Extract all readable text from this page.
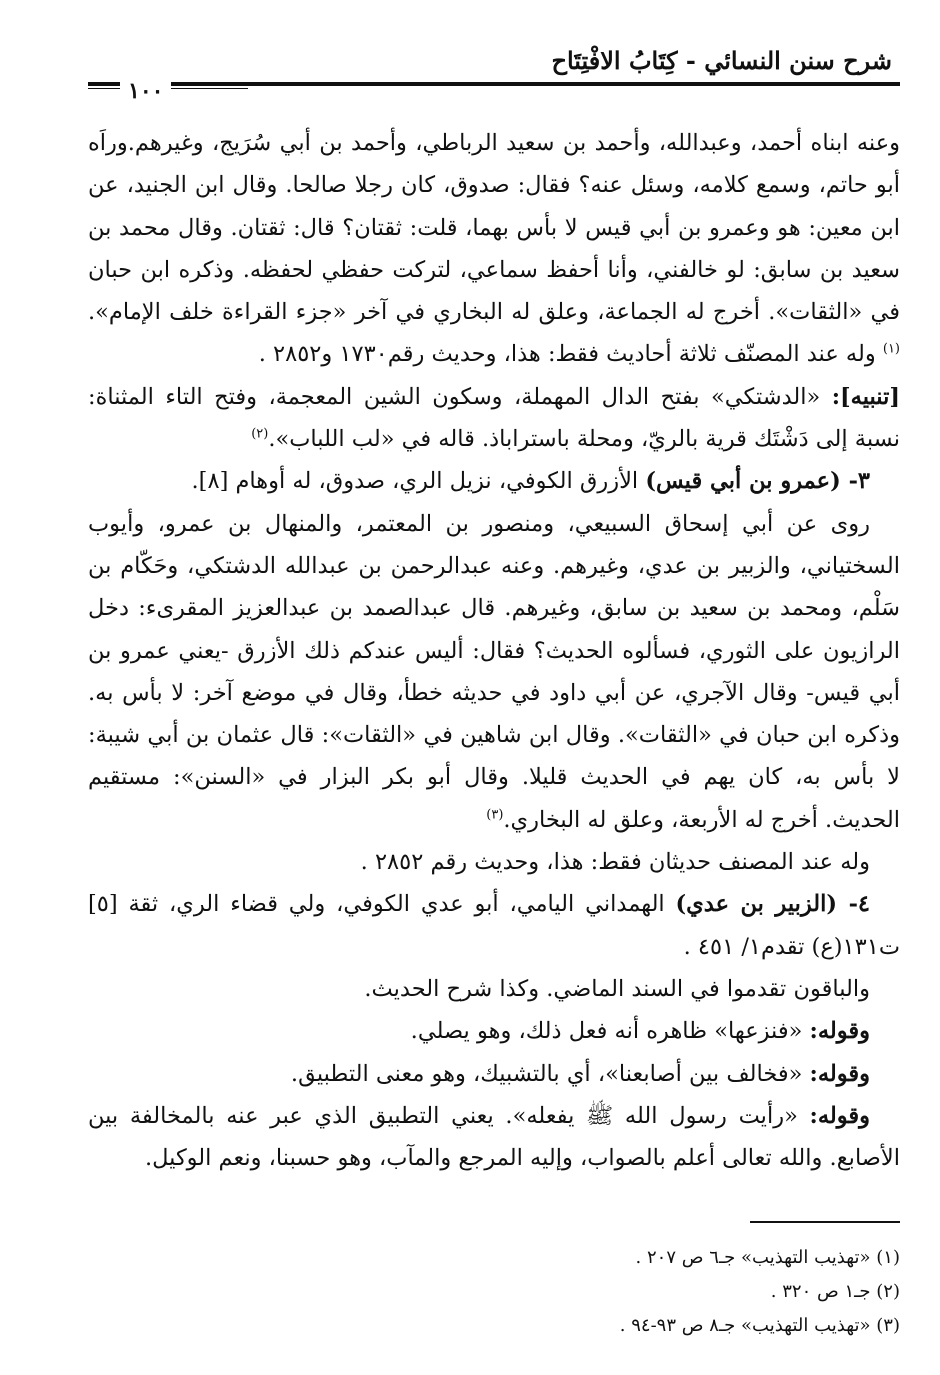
شرح سنن النسائي - كِتَابُ الافْتِتَاح
١٠٠

وعنه ابناه أحمد، وعبدالله، وأحمد بن سعيد الرباطي، وأحمد بن أبي سُرَيج، وغيرهم.وراَه أبو حاتم، وسمع كلامه، وسئل عنه؟ فقال: صدوق، كان رجلا صالحا. وقال ابن الجنيد، عن ابن معين: هو وعمرو بن أبي قيس لا بأس بهما، قلت: ثقتان؟ قال: ثقتان. وقال محمد بن سعيد بن سابق: لو خالفني، وأنا أحفظ سماعي، لتركت حفظي لحفظه. وذكره ابن حبان في «الثقات». أخرج له الجماعة، وعلق له البخاري في آخر «جزء القراءة خلف الإمام».$^{(١)}$ وله عند المصنّف ثلاثة أحاديث فقط: هذا، وحديث رقم١٧٣٠ و٢٨٥٢ .

[تنبيه]: «الدشتكي» بفتح الدال المهملة، وسكون الشين المعجمة، وفتح التاء المثناة: نسبة إلى دَشْتَك قرية بالريّ، ومحلة باستراباذ. قاله في «لب اللباب».$^{(٢)}$

٣- (عمرو بن أبي قيس) الأزرق الكوفي، نزيل الري، صدوق، له أوهام [٨].

روى عن أبي إسحاق السبيعي، ومنصور بن المعتمر، والمنهال بن عمرو، وأيوب السختياني، والزبير بن عدي، وغيرهم. وعنه عبدالرحمن بن عبدالله الدشتكي، وحَكّام بن سَلْم، ومحمد بن سعيد بن سابق، وغيرهم. قال عبدالصمد بن عبدالعزيز المقرىء: دخل الرازيون على الثوري، فسألوه الحديث؟ فقال: أليس عندكم ذلك الأزرق -يعني عمرو بن أبي قيس- وقال الآجري، عن أبي داود في حديثه خطأ، وقال في موضع آخر: لا بأس به. وذكره ابن حبان في «الثقات». وقال ابن شاهين في «الثقات»: قال عثمان بن أبي شيبة: لا بأس به، كان يهم في الحديث قليلا. وقال أبو بكر البزار في «السنن»: مستقيم الحديث. أخرج له الأربعة، وعلق له البخاري.$^{(٣)}$

وله عند المصنف حديثان فقط: هذا، وحديث رقم ٢٨٥٢ .

٤- (الزبير بن عدي) الهمداني اليامي، أبو عدي الكوفي، ولي قضاء الري، ثقة [٥] ت١٣١(ع) تقدم١/ ٤٥١ .

والباقون تقدموا في السند الماضي. وكذا شرح الحديث.

وقوله: «فنزعها» ظاهره أنه فعل ذلك، وهو يصلي.

وقوله: «فخالف بين أصابعنا»، أي بالتشبيك، وهو معنى التطبيق.

وقوله: «رأيت رسول الله ﷺ يفعله». يعني التطبيق الذي عبر عنه بالمخالفة بين الأصابع. والله تعالى أعلم بالصواب، وإليه المرجع والمآب، وهو حسبنا، ونعم الوكيل.

(١) «تهذيب التهذيب» جـ٦ ص ٢٠٧ .

(٢) جـ١ ص ٣٢٠ .

(٣) «تهذيب التهذيب» جـ٨ ص ٩٣-٩٤ .
